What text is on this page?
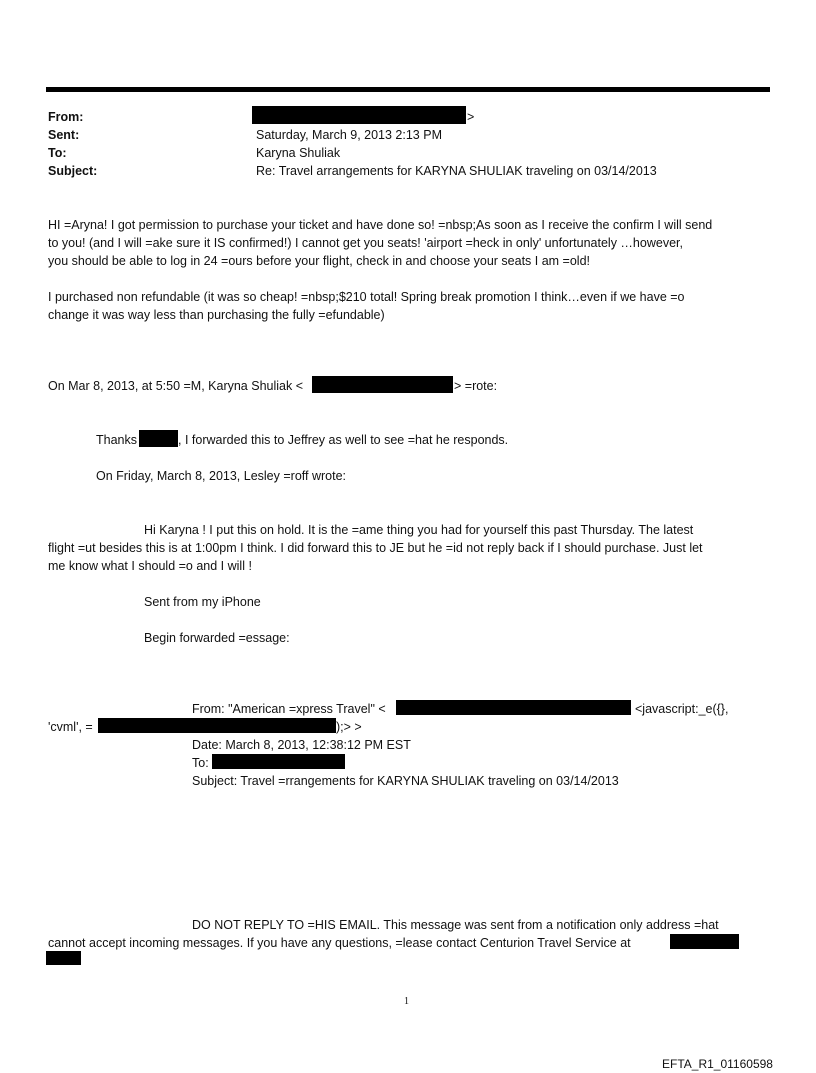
From:	>
Sent:	Saturday, March 9, 2013 2:13 PM
To:	Karyna Shuliak
Subject:	Re: Travel arrangements for KARYNA SHULIAK traveling on 03/14/2013
HI =Aryna! I got permission to purchase your ticket and have done so! =nbsp;As soon as I receive the confirm I will send
to you! (and I will =ake sure it IS confirmed!) I cannot get you seats! 'airport =heck in only' unfortunately …however,
you should be able to log in 24 =ours before your flight, check in and choose your seats I am =old!
I purchased non refundable (it was so cheap! =nbsp;$210 total! Spring break promotion I think…even if we have =o
change it was way less than purchasing the fully =efundable)
On Mar 8, 2013, at 5:50 =M, Karyna Shuliak <	> =rote:
Thanks	, I forwarded this to Jeffrey as well to see =hat he responds.
On Friday, March 8, 2013, Lesley =roff wrote:
Hi Karyna ! I put this on hold. It is the =ame thing you had for yourself this past Thursday. The latest
flight =ut besides this is at 1:00pm I think. I did forward this to JE but he =id not reply back if I should purchase. Just let
me know what I should =o and I will !
Sent from my iPhone
Begin forwarded =essage:
From: "American =xpress Travel" <	<javascript:_e({},
'cvml', =	);> >
Date: March 8, 2013, 12:38:12 PM EST
To:
Subject: Travel =rrangements for KARYNA SHULIAK traveling on 03/14/2013
DO NOT REPLY TO =HIS EMAIL. This message was sent from a notification only address =hat
cannot accept incoming messages. If you have any questions, =lease contact Centurion Travel Service at
1
EFTA_R1_01160598
